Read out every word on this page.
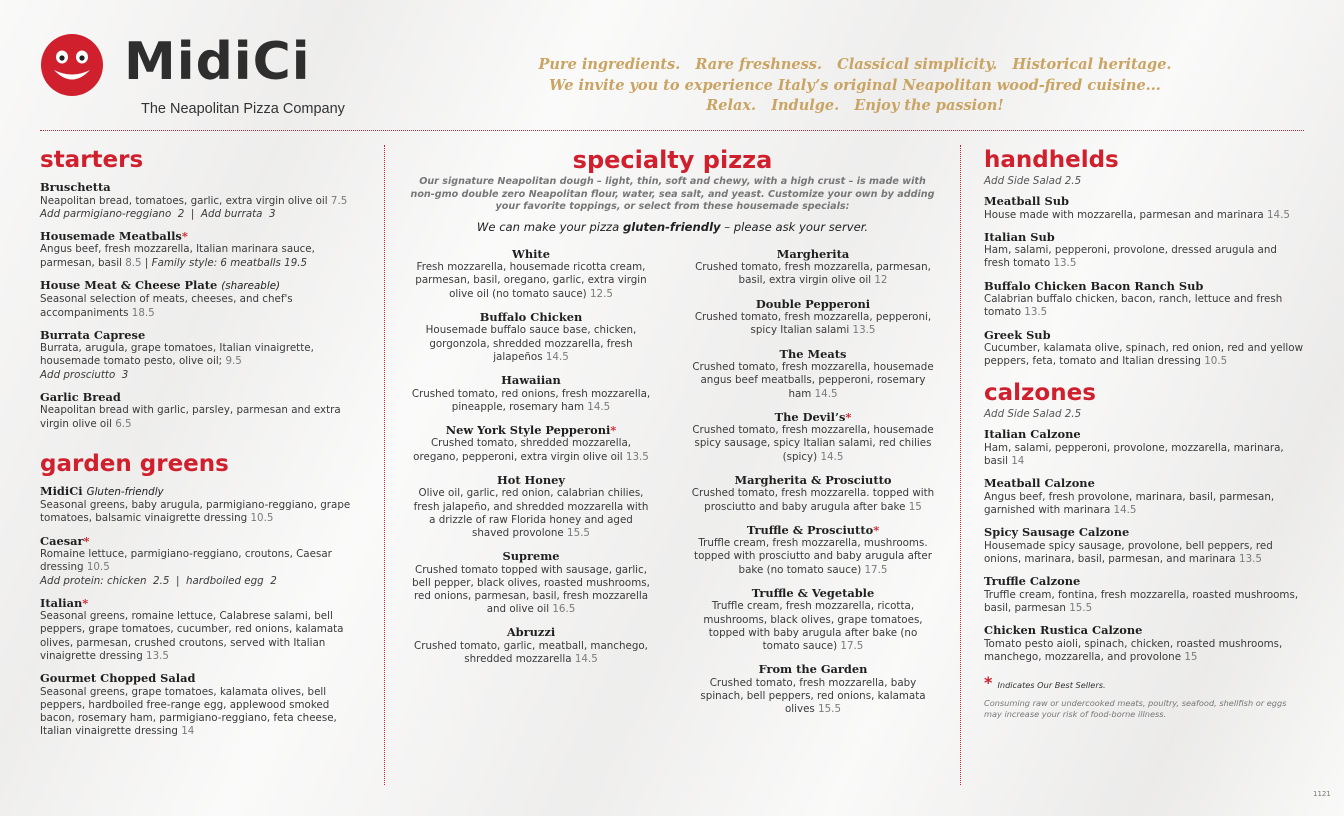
MidiCi
The Neapolitan Pizza Company
Pure ingredients.   Rare freshness.   Classical simplicity.   Historical heritage.
We invite you to experience Italy’s original Neapolitan wood-fired cuisine...
Relax.   Indulge.   Enjoy the passion!
starters
Bruschetta
Neapolitan bread, tomatoes, garlic, extra virgin olive oil 7.5
Add parmigiano-reggiano  2  |  Add burrata  3
Housemade Meatballs*
Angus beef, fresh mozzarella, Italian marinara sauce, parmesan, basil 8.5 | Family style: 6 meatballs 19.5
House Meat & Cheese Plate (shareable)
Seasonal selection of meats, cheeses, and chef's accompaniments 18.5
Burrata Caprese
Burrata, arugula, grape tomatoes, Italian vinaigrette, housemade tomato pesto, olive oil; 9.5
Add prosciutto  3
Garlic Bread
Neapolitan bread with garlic, parsley, parmesan and extra virgin olive oil 6.5
garden greens
MidiCi Gluten-friendly
Seasonal greens, baby arugula, parmigiano-reggiano, grape tomatoes, balsamic vinaigrette dressing 10.5
Caesar*
Romaine lettuce, parmigiano-reggiano, croutons, Caesar dressing 10.5
Add protein: chicken  2.5  |  hardboiled egg  2
Italian*
Seasonal greens, romaine lettuce, Calabrese salami, bell peppers, grape tomatoes, cucumber, red onions, kalamata olives, parmesan, crushed croutons, served with Italian vinaigrette dressing 13.5
Gourmet Chopped Salad
Seasonal greens, grape tomatoes, kalamata olives, bell peppers, hardboiled free-range egg, applewood smoked bacon, rosemary ham, parmigiano-reggiano, feta cheese, Italian vinaigrette dressing 14
specialty pizza
Our signature Neapolitan dough – light, thin, soft and chewy, with a high crust – is made with non-gmo double zero Neapolitan flour, water, sea salt, and yeast. Customize your own by adding your favorite toppings, or select from these housemade specials:
We can make your pizza gluten-friendly – please ask your server.
White
Fresh mozzarella, housemade ricotta cream, parmesan, basil, oregano, garlic, extra virgin olive oil (no tomato sauce) 12.5
Buffalo Chicken
Housemade buffalo sauce base, chicken, gorgonzola, shredded mozzarella, fresh jalapeños 14.5
Hawaiian
Crushed tomato, red onions, fresh mozzarella, pineapple, rosemary ham 14.5
New York Style Pepperoni*
Crushed tomato, shredded mozzarella, oregano, pepperoni, extra virgin olive oil 13.5
Hot Honey
Olive oil, garlic, red onion, calabrian chilies, fresh jalapeño, and shredded mozzarella with a drizzle of raw Florida honey and aged shaved provolone 15.5
Supreme
Crushed tomato topped with sausage, garlic, bell pepper, black olives, roasted mushrooms, red onions, parmesan, basil, fresh mozzarella and olive oil 16.5
Abruzzi
Crushed tomato, garlic, meatball, manchego, shredded mozzarella 14.5
Margherita
Crushed tomato, fresh mozzarella, parmesan, basil, extra virgin olive oil 12
Double Pepperoni
Crushed tomato, fresh mozzarella, pepperoni, spicy Italian salami 13.5
The Meats
Crushed tomato, fresh mozzarella, housemade angus beef meatballs, pepperoni, rosemary ham 14.5
The Devil’s*
Crushed tomato, fresh mozzarella, housemade spicy sausage, spicy Italian salami, red chilies (spicy) 14.5
Margherita & Prosciutto
Crushed tomato, fresh mozzarella. topped with prosciutto and baby arugula after bake 15
Truffle & Prosciutto*
Truffle cream, fresh mozzarella, mushrooms. topped with prosciutto and baby arugula after bake (no tomato sauce) 17.5
Truffle & Vegetable
Truffle cream, fresh mozzarella, ricotta, mushrooms, black olives, grape tomatoes, topped with baby arugula after bake (no tomato sauce) 17.5
From the Garden
Crushed tomato, fresh mozzarella, baby spinach, bell peppers, red onions, kalamata olives 15.5
handhelds
Add Side Salad 2.5
Meatball Sub
House made with mozzarella, parmesan and marinara 14.5
Italian Sub
Ham, salami, pepperoni, provolone, dressed arugula and fresh tomato 13.5
Buffalo Chicken Bacon Ranch Sub
Calabrian buffalo chicken, bacon, ranch, lettuce and fresh tomato 13.5
Greek Sub
Cucumber, kalamata olive, spinach, red onion, red and yellow peppers, feta, tomato and Italian dressing 10.5
calzones
Add Side Salad 2.5
Italian Calzone
Ham, salami, pepperoni, provolone, mozzarella, marinara, basil 14
Meatball Calzone
Angus beef, fresh provolone, marinara, basil, parmesan, garnished with marinara 14.5
Spicy Sausage Calzone
Housemade spicy sausage, provolone, bell peppers, red onions, marinara, basil, parmesan, and marinara 13.5
Truffle Calzone
Truffle cream, fontina, fresh mozzarella, roasted mushrooms, basil, parmesan 15.5
Chicken Rustica Calzone
Tomato pesto aioli, spinach, chicken, roasted mushrooms, manchego, mozzarella, and provolone 15
* Indicates Our Best Sellers.
Consuming raw or undercooked meats, poultry, seafood, shellfish or eggs may increase your risk of food-borne illness.
1121
